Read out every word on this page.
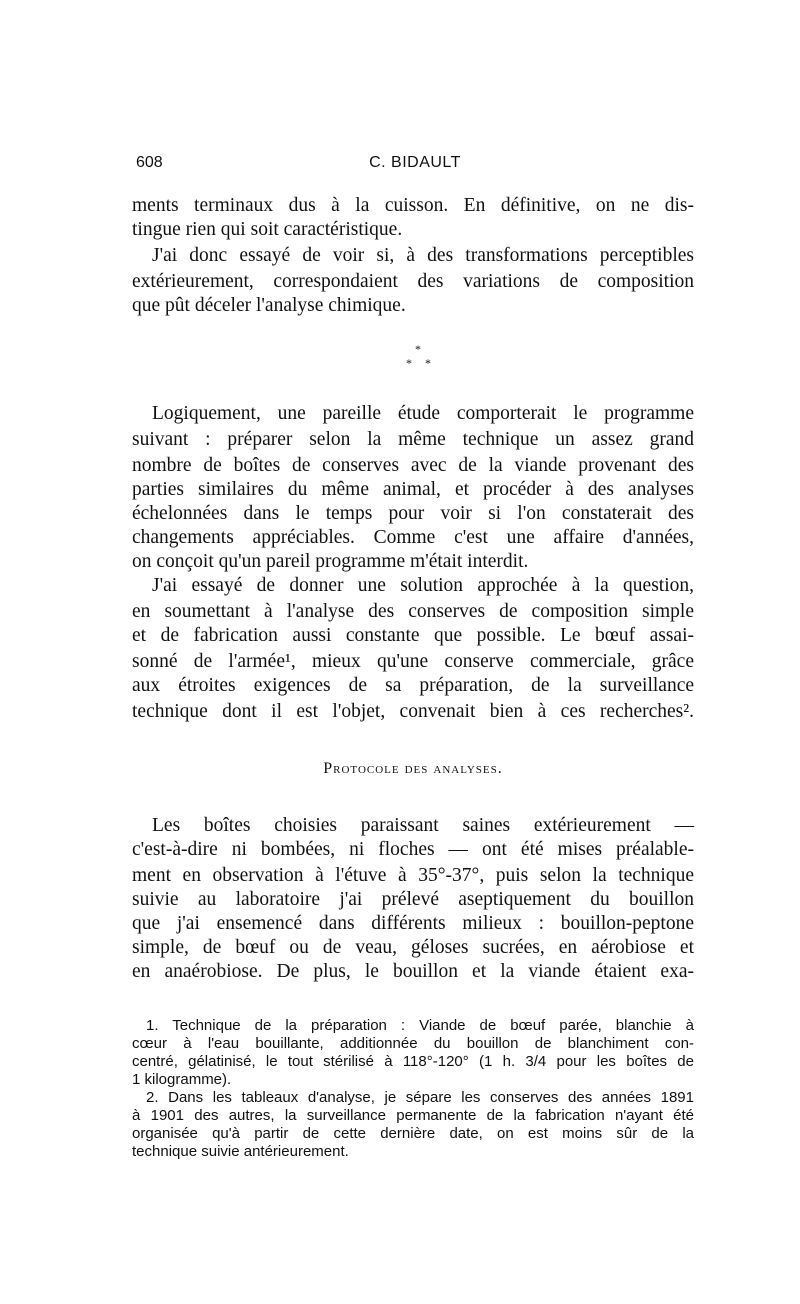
608	C. BIDAULT
ments terminaux dus à la cuisson. En définitive, on ne dis-
tingue rien qui soit caractéristique.
J'ai donc essayé de voir si, à des transformations perceptibles
extérieurement, correspondaient des variations de composition
que pût déceler l'analyse chimique.
*
* *
Logiquement, une pareille étude comporterait le programme
suivant : préparer selon la même technique un assez grand
nombre de boîtes de conserves avec de la viande provenant des
parties similaires du même animal, et procéder à des analyses
échelonnées dans le temps pour voir si l'on constaterait des
changements appréciables. Comme c'est une affaire d'années,
on conçoit qu'un pareil programme m'était interdit.
J'ai essayé de donner une solution approchée à la question,
en soumettant à l'analyse des conserves de composition simple
et de fabrication aussi constante que possible. Le bœuf assai-
sonné de l'armée¹, mieux qu'une conserve commerciale, grâce
aux étroites exigences de sa préparation, de la surveillance
technique dont il est l'objet, convenait bien à ces recherches².
Protocole des analyses.
Les boîtes choisies paraissant saines extérieurement —
c'est-à-dire ni bombées, ni floches — ont été mises préalable-
ment en observation à l'étuve à 35°-37°, puis selon la technique
suivie au laboratoire j'ai prélevé aseptiquement du bouillon
que j'ai ensemencé dans différents milieux : bouillon-peptone
simple, de bœuf ou de veau, géloses sucrées, en aérobiose et
en anaérobiose. De plus, le bouillon et la viande étaient exa-
1. Technique de la préparation : Viande de bœuf parée, blanchie à
cœur à l'eau bouillante, additionnée du bouillon de blanchiment con-
centré, gélatinisé, le tout stérilisé à 118°-120° (1 h. 3/4 pour les boîtes de
1 kilogramme).
2. Dans les tableaux d'analyse, je sépare les conserves des années 1891
à 1901 des autres, la surveillance permanente de la fabrication n'ayant été
organisée qu'à partir de cette dernière date, on est moins sûr de la
technique suivie antérieurement.
